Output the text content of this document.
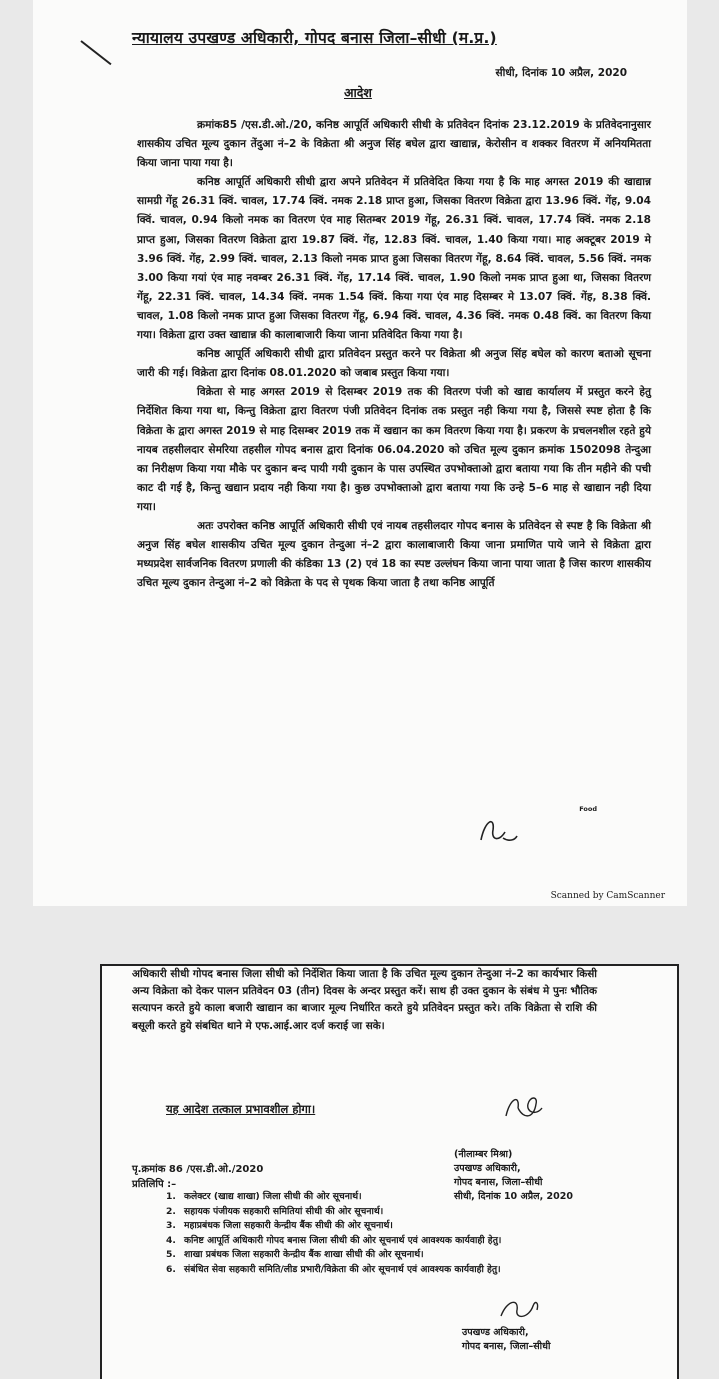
न्यायालय उपखण्ड अधिकारी, गोपद बनास जिला–सीधी (म.प्र.)
सीधी, दिनांक 10 अप्रैल, 2020
आदेश

क्रमांक85 /एस.डी.ओ./20, कनिष्ठ आपूर्ति अधिकारी सीधी के प्रतिवेदन दिनांक 23.12.2019 के प्रतिवेदनानुसार शासकीय उचित मूल्य दुकान तेंदुआ नं–2 के विक्रेता श्री अनुज सिंह बघेल द्वारा खाद्यान्न, केरोसीन व शक्कर वितरण में अनियमितता किया जाना पाया गया है।

कनिष्ठ आपूर्ति अधिकारी सीधी द्वारा अपने प्रतिवेदन में प्रतिवेदित किया गया है कि माह अगस्त 2019 की खाद्यान्न सामग्री गेंहू 26.31 क्विं. चावल, 17.74 क्विं. नमक 2.18 प्राप्त हुआ, जिसका वितरण विक्रेता द्वारा 13.96 क्विं. गेंह, 9.04 क्विं. चावल, 0.94 किलो नमक का वितरण एंव माह सितम्बर 2019 गेंहू, 26.31 क्विं. चावल, 17.74 क्विं. नमक 2.18 प्राप्त हुआ, जिसका वितरण विक्रेता द्वारा 19.87 क्विं. गेंह, 12.83 क्विं. चावल, 1.40 किया गया। माह अक्टूबर 2019 मे 3.96 क्विं. गेंह, 2.99 क्विं. चावल, 2.13 किलो नमक प्राप्त हुआ जिसका वितरण गेंहू, 8.64 क्विं. चावल, 5.56 क्विं. नमक 3.00 किया गयां एंव माह नवम्बर 26.31 क्विं. गेंह, 17.14 क्विं. चावल, 1.90 किलो नमक प्राप्त हुआ था, जिसका वितरण गेंहू, 22.31 क्विं. चावल, 14.34 क्विं. नमक 1.54 क्विं. किया गया एंव माह दिसम्बर मे 13.07 क्विं. गेंह, 8.38 क्विं. चावल, 1.08 किलो नमक प्राप्त हुआ जिसका वितरण गेंहू, 6.94 क्विं. चावल, 4.36 क्विं. नमक 0.48 क्विं. का वितरण किया गया। विक्रेता द्वारा उक्त खाद्यान्न की कालाबाजारी किया जाना प्रतिवेदित किया गया है।

कनिष्ठ आपूर्ति अधिकारी सीधी द्वारा प्रतिवेदन प्रस्तुत करने पर विक्रेता श्री अनुज सिंह बघेल को कारण बताओ सूचना जारी की गई। विक्रेता द्वारा दिनांक 08.01.2020 को जबाब प्रस्तुत किया गया।

विक्रेता से माह अगस्त 2019 से दिसम्बर 2019 तक की वितरण पंजी को खाद्य कार्यालय में प्रस्तुत करने हेतु निर्देशित किया गया था, किन्तु विक्रेता द्वारा वितरण पंजी प्रतिवेदन दिनांक तक प्रस्तुत नही किया गया है, जिससे स्पष्ट होता है कि विक्रेता के द्वारा अगस्त 2019 से माह दिसम्बर 2019 तक में खद्यान का कम वितरण किया गया है। प्रकरण के प्रचलनशील रहते हुये नायब तहसीलदार सेमरिया तहसील गोपद बनास द्वारा दिनांक 06.04.2020 को उचित मूल्य दुकान क्रमांक 1502098 तेन्दुआ का निरीक्षण किया गया मौके पर दुकान बन्द पायी गयी दुकान के पास उपस्थित उपभोक्ताओ द्वारा बताया गया कि तीन महीने की पची काट दी गई है, किन्तु खद्यान प्रदाय नही किया गया है। कुछ उपभोक्ताओ द्वारा बताया गया कि उन्हे 5–6 माह से खाद्यान नही दिया गया।

अतः उपरोक्त कनिष्ठ आपूर्ति अधिकारी सीधी एवं नायब तहसीलदार गोपद बनास के प्रतिवेदन से स्पष्ट है कि विक्रेता श्री अनुज सिंह बघेल शासकीय उचित मूल्य दुकान तेन्दुआ नं–2 द्वारा कालाबाजारी किया जाना प्रमाणित पाये जाने से विक्रेता द्वारा मध्यप्रदेश सार्वजनिक वितरण प्रणाली की कंडिका 13 (2) एवं 18 का स्पष्ट उल्लंघन किया जाना पाया जाता है जिस कारण शासकीय उचित मूल्य दुकान तेन्दुआ नं–2 को विक्रेता के पद से पृथक किया जाता है तथा कनिष्ठ आपूर्ति

Food
Scanned by CamScanner

अधिकारी सीधी गोपद बनास जिला सीधी को निर्देशित किया जाता है कि उचित मूल्य दुकान तेन्दुआ नं–2 का कार्यभार किसी अन्य विक्रेता को देकर पालन प्रतिवेदन 03 (तीन) दिवस के अन्दर प्रस्तुत करें। साथ ही उक्त दुकान के संबंध मे पुनः भौतिक सत्यापन करते हुये काला बजारी खाद्यान का बाजार मूल्य निर्धारित करते हुये प्रतिवेदन प्रस्तुत करे। तकि विक्रेता से राशि की बसूली करते हुये संबधित थाने मे एफ.आई.आर दर्ज कराई जा सके।

यह आदेश तत्काल प्रभावशील होगा।
(नीलाम्बर मिश्रा)
उपखण्ड अधिकारी,
गोपद बनास, जिला–सीधी
सीधी, दिनांक 10 अप्रैल, 2020
पृ.क्रमांक 86 /एस.डी.ओ./2020
प्रतिलिपि :–
1. कलेक्टर (खाद्य शाखा) जिला सीधी की ओर सूचनार्थ।
2. सहायक पंजीयक सहकारी समितियां सीधी की ओर सूचनार्थ।
3. महाप्रबंधक जिला सहकारी केन्द्रीय बैंक सीधी की ओर सूचनार्थ।
4. कनिष्ट आपूर्ति अधिकारी गोपद बनास जिला सीधी की ओर सूचनार्थ एवं आवश्यक कार्यवाही हेतु।
5. शाखा प्रबंधक जिला सहकारी केन्द्रीय बैंक शाखा सीधी की ओर सूचनार्थ।
6. संबंधित सेवा सहकारी समिति/लीड प्रभारी/विक्रेता की ओर सूचनार्थ एवं आवश्यक कार्यवाही हेतु।
उपखण्ड अधिकारी,
गोपद बनास, जिला–सीधी
